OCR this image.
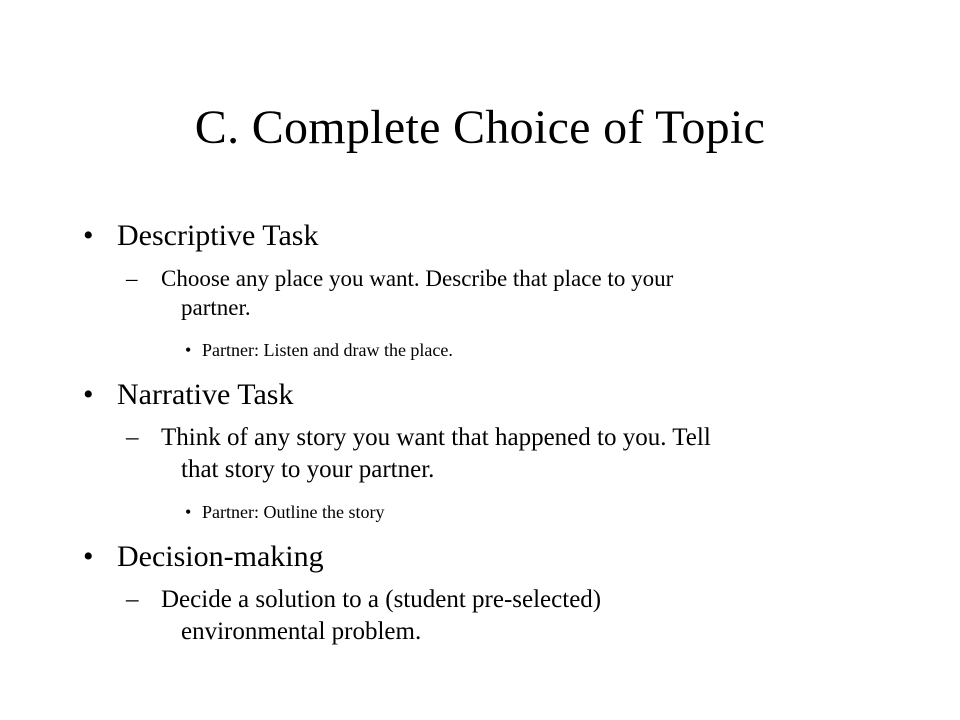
C. Complete Choice of Topic
• Descriptive Task
– Choose any place you want. Describe that place to your
partner.
• Partner: Listen and draw the place.
• Narrative Task
– Think of any story you want that happened to you. Tell
that story to your partner.
• Partner: Outline the story
• Decision-making
– Decide a solution to a (student pre-selected)
environmental problem.
